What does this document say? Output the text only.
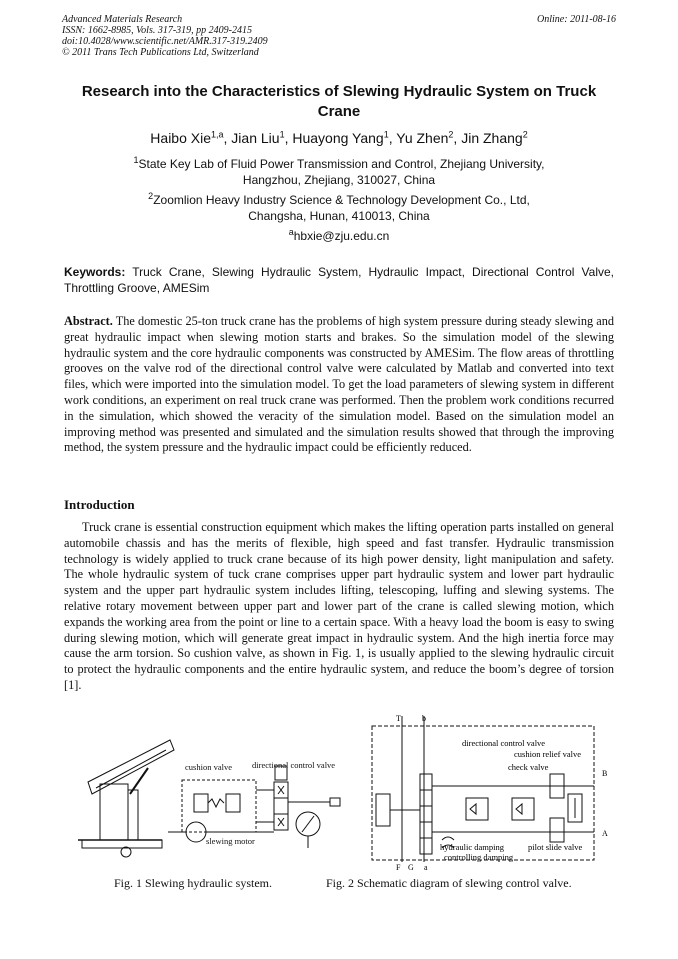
Advanced Materials Research
ISSN: 1662-8985, Vols. 317-319, pp 2409-2415
doi:10.4028/www.scientific.net/AMR.317-319.2409
© 2011 Trans Tech Publications Ltd, Switzerland
Online: 2011-08-16
Research into the Characteristics of Slewing Hydraulic System on Truck Crane
Haibo Xie$^{1,a}$, Jian Liu$^1$, Huayong Yang$^1$, Yu Zhen$^2$, Jin Zhang$^2$
$^1$State Key Lab of Fluid Power Transmission and Control, Zhejiang University,
Hangzhou, Zhejiang, 310027, China
$^2$Zoomlion Heavy Industry Science & Technology Development Co., Ltd,
Changsha, Hunan, 410013, China
$^a$hbxie@zju.edu.cn
Keywords: Truck Crane, Slewing Hydraulic System, Hydraulic Impact, Directional Control Valve, Throttling Groove, AMESim
Abstract. The domestic 25-ton truck crane has the problems of high system pressure during steady slewing and great hydraulic impact when slewing motion starts and brakes. So the simulation model of the slewing hydraulic system and the core hydraulic components was constructed by AMESim. The flow areas of throttling grooves on the valve rod of the directional control valve were calculated by Matlab and converted into text files, which were imported into the simulation model. To get the load parameters of slewing system in different work conditions, an experiment on real truck crane was performed. Then the problem work conditions recurred in the simulation, which showed the veracity of the simulation model. Based on the simulation model an improving method was presented and simulated and the simulation results showed that through the improving method, the system pressure and the hydraulic impact could be efficiently reduced.
Introduction
Truck crane is essential construction equipment which makes the lifting operation parts installed on general automobile chassis and has the merits of flexible, high speed and fast transfer. Hydraulic transmission technology is widely applied to truck crane because of its high power density, light manipulation and safety. The whole hydraulic system of tuck crane comprises upper part hydraulic system and lower part hydraulic system and the upper part hydraulic system includes lifting, telescoping, luffing and slewing systems. The relative rotary movement between upper part and lower part of the crane is called slewing motion, which expands the working area from the point or line to a certain space. With a heavy load the boom is easy to swing during slewing motion, which will generate great impact in hydraulic system. And the high inertia force may cause the arm torsion. So cushion valve, as shown in Fig. 1, is usually applied to the slewing hydraulic circuit to protect the hydraulic components and the entire hydraulic system, and reduce the boom’s degree of torsion [1].
cushion valve directional control valve
slewing motor
T	b
B
A
F G a
directional control valve
cushion relief valve
check valve
hydraulic damping
controlling damping
pilot slide valve
Fig. 1 Slewing hydraulic system.	Fig. 2 Schematic diagram of slewing control valve.
